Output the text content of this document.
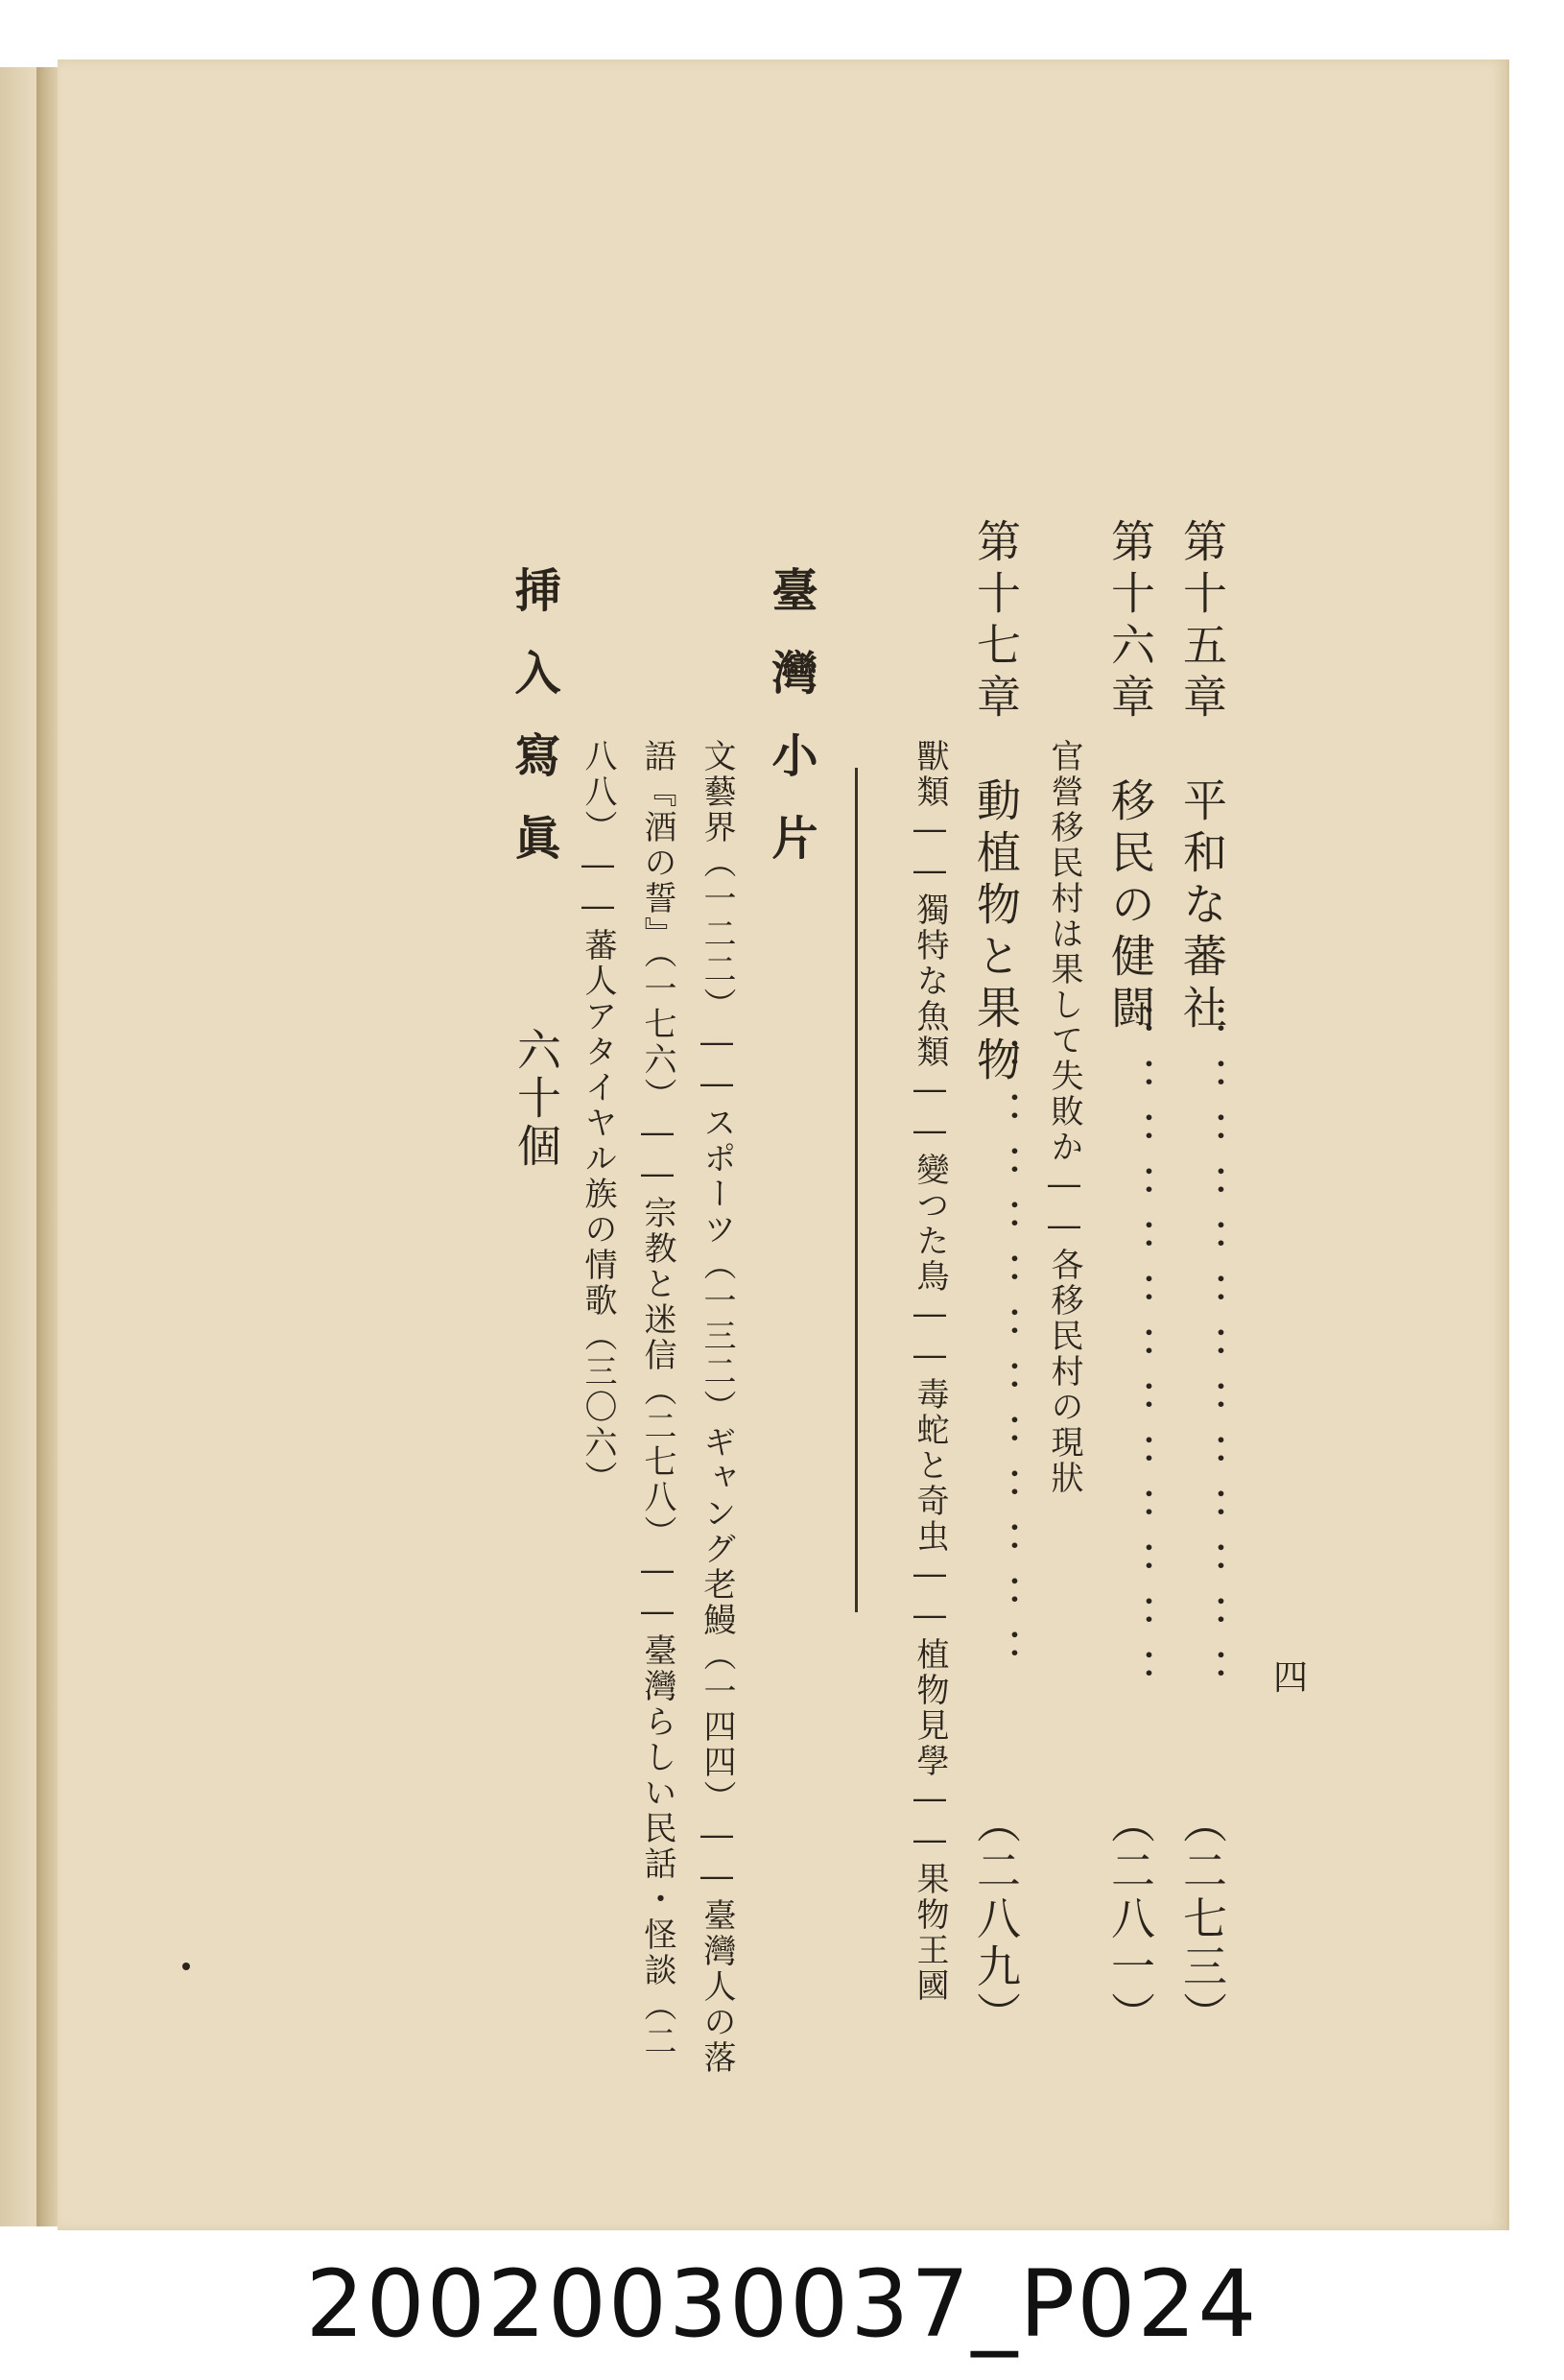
四
第十五章　平和な蕃社
：：：：：：：：：：：：：
（二七三）
第十六章　移民の健闘
：：：：：：：：：：：：：
（二八一）
官營移民村は果して失敗か――各移民村の現狀
第十七章　動植物と果物
：：：：：：：：：：：：
（二八九）
獸類――獨特な魚類――變つた鳥――毒蛇と奇虫――植物見學――果物王國
臺灣小片
文藝界（一二二）――スポーツ（一三二）ギャング老鰻（一四四）――臺灣人の落
語『酒の誓』（一七六）――宗教と迷信（二七八）――臺灣らしい民話・怪談（二
八八）――蕃人アタイヤル族の情歌（三〇六）
挿入寫眞
六十個
20020030037_P024
